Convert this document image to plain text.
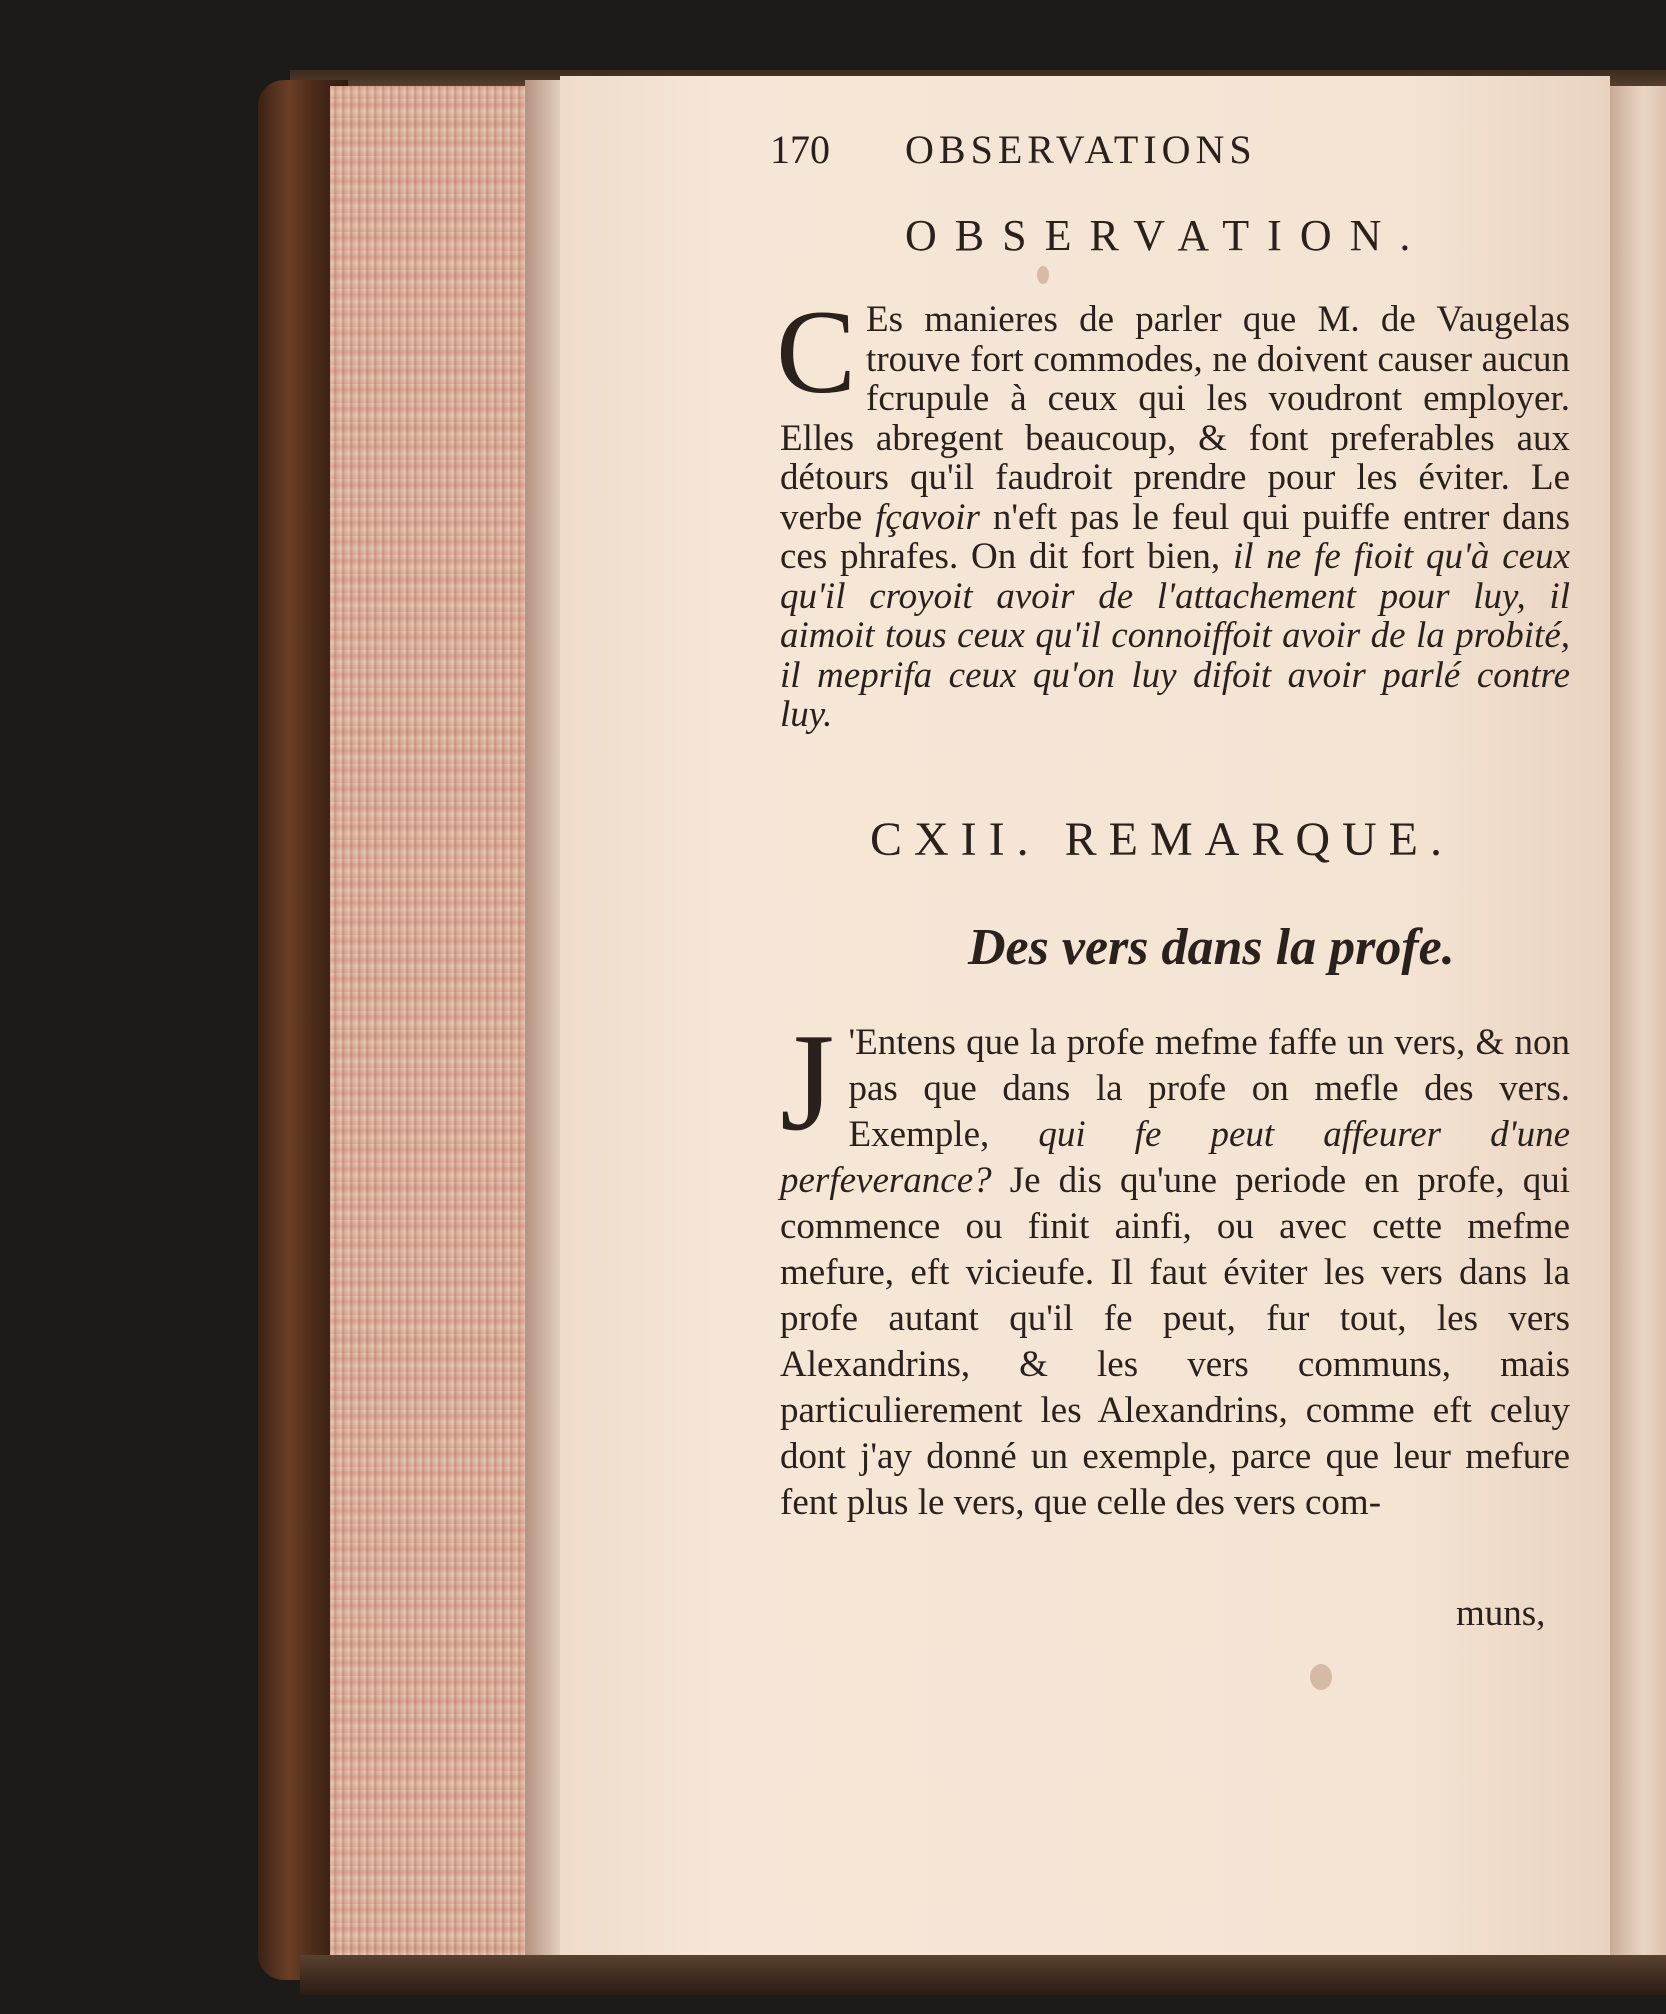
170 OBSERVATIONS
OBSERVATION.
C Es manieres de parler que M. de Vaugelas trouve fort commodes, ne doivent causer aucun fcrupule à ceux qui les voudront employer. Elles abregent beaucoup, & font preferables aux détours qu'il faudroit prendre pour les éviter. Le verbe fçavoir n'eft pas le feul qui puiffe entrer dans ces phrafes. On dit fort bien, il ne fe fioit qu'à ceux qu'il croyoit avoir de l'attachement pour luy, il aimoit tous ceux qu'il connoiffoit avoir de la probité, il meprifa ceux qu'on luy difoit avoir parlé contre luy.
CXII. REMARQUE.
Des vers dans la profe.
J 'Entens que la profe mefme faffe un vers, & non pas que dans la profe on mefle des vers. Exemple, qui fe peut affeurer d'une perfeverance? Je dis qu'une periode en profe, qui commence ou finit ainfi, ou avec cette mefme mefure, eft vicieufe. Il faut éviter les vers dans la profe autant qu'il fe peut, fur tout, les vers Alexandrins, & les vers communs, mais particulierement les Alexandrins, comme eft celuy dont j'ay donné un exemple, parce que leur mefure fent plus le vers, que celle des vers com-
muns,
